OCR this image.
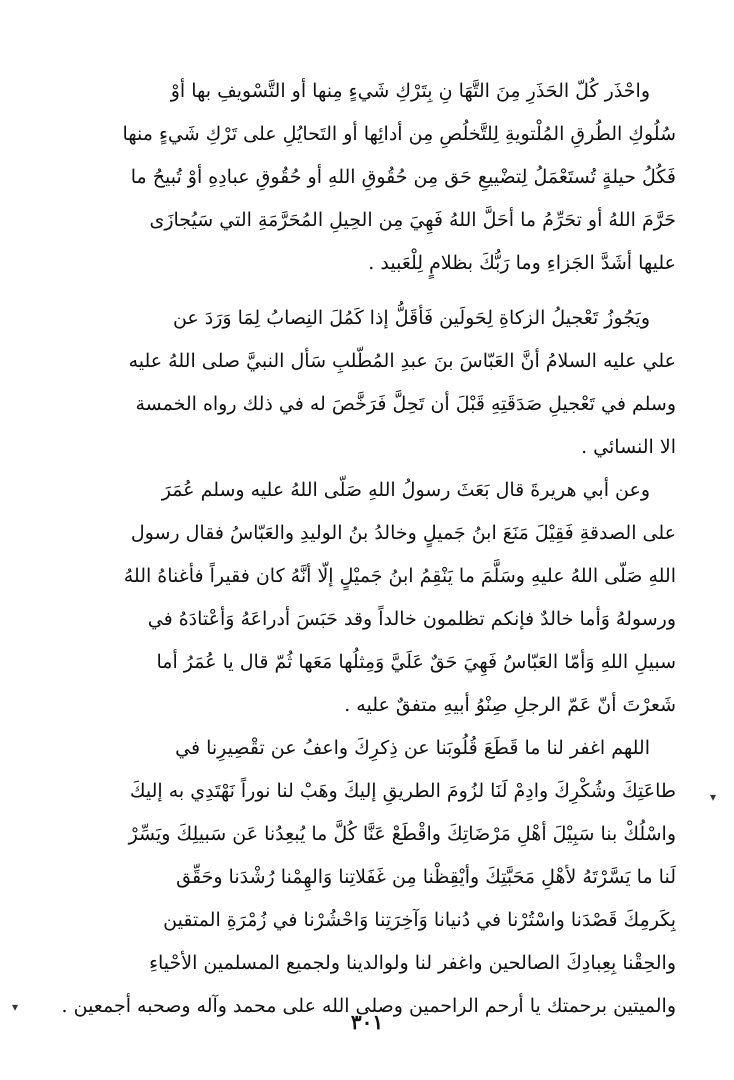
واحْذَر كُلّ الحَذَرِ مِنَ التَّهَا نِ بِتَرْكِ شَيءٍ مِنها أو التَّسْويفِ بها أوْ
سُلُوكِ الطُرقِ المُلْتويةِ لِلتَّخلُصِ مِن أدائِها أو التَحايُلِ على تَرْكِ شَيءٍ منها
فَكُلُ حيلةٍ تُستَعْمَلُ لِتضْييعِ حَق مِن حُقُوقِ اللهِ أو حُقُوقِ عبادِهِ أوْ تُبيحُ ما
حَرَّمَ اللهُ أو تحَرِّمُ ما أحَلَّ اللهُ فَهِيَ مِن الحِيلِ المُحَرَّمَةِ التي سَيُجازَى
عليها أشَدَّ الجَزاءِ وما رَبُّكَ بظلامٍ لِلْعَبيد .
ويَجُوزُ تَعْجيلُ الزكاةِ لِحَولَين فَأقَلُّ إذا كَمُلَ النِصابُ لِمَا وَرَدَ عن
علي عليه السلامُ أنَّ العَبّاسَ بنَ عبدِ المُطّلبِ سَأل النبيَّ صلى اللهُ عليه
وسلم في تَعْجيلِ صَدَقَتِهِ قَبْلَ أن تَحِلَّ فَرَخَّصَ له في ذلك رواه الخمسة
الا النسائي .
وعن أبي هريرةَ قال بَعَثَ رسولُ اللهِ صَلّى اللهُ عليه وسلم عُمَرَ
على الصدقةِ فَقِيْلَ مَنَعَ ابنُ جَميلٍ وخالدُ بنُ الوليدِ والعَبّاسُ فقال رسول
اللهِ صَلّى اللهُ عليهِ وسَلَّمَ ما يَنْقِمُ ابنُ جَميْلٍ إلّا أنَّهُ كان فقيراً فأغناهُ اللهُ
ورسولهُ وَأما خالدٌ فإنكم تظلمون خالداً وقد حَبَسَ أدراعَهُ وَأعْتادَهُ في
سبيلِ اللهِ وَأمّا العَبّاسُ فَهِيَ حَقٌ عَلَيَّ وَمِثلُها مَعَها ثُمّ قال يا عُمَرُ أما
شَعرْتَ أنّ عَمّ الرجلِ صِنْوُ أبيهِ متفقٌ عليه .
اللهم اغفر لنا ما قَطَعَ قُلُوبَنا عن ذِكرِكَ واعفُ عن تقْصِيرِنا في
طاعَتِكَ وشُكْرِكَ وادِمْ لَنَا لزُومَ الطريقِ إليكَ وهَبْ لنا نوراً نَهْتَدِي به إليكَ
واسْلُكْ بنا سَبِيْلَ أهْلِ مَرْضَاتِكَ واقْطَعْ عَنَّا كُلَّ ما يُبعِدُنا عَن سَبيلِكَ ويَسِّرْ
لَنا ما يَسَّرْتَهُ لأهْلِ مَحَبَّتِكَ وأيْقِظْنا مِن غَفَلاتِنا وَالهِمْنا رُشْدَنا وحَقِّق
بِكَرمِكَ قَصْدَنا واسْتُرْنا في دُنيانا وَآخِرَتِنا وَاحْشُرْنا في زُمْرَةِ المتقين
والحِقْنا بِعِبادِكَ الصالحين واغفر لنا ولوالدينا ولجميع المسلمين الأحْياءِ
والميتين برحمتك يا أرحم الراحمين وصلى الله على محمد وآله وصحبه أجمعين .
▾
▾
٣٠١
